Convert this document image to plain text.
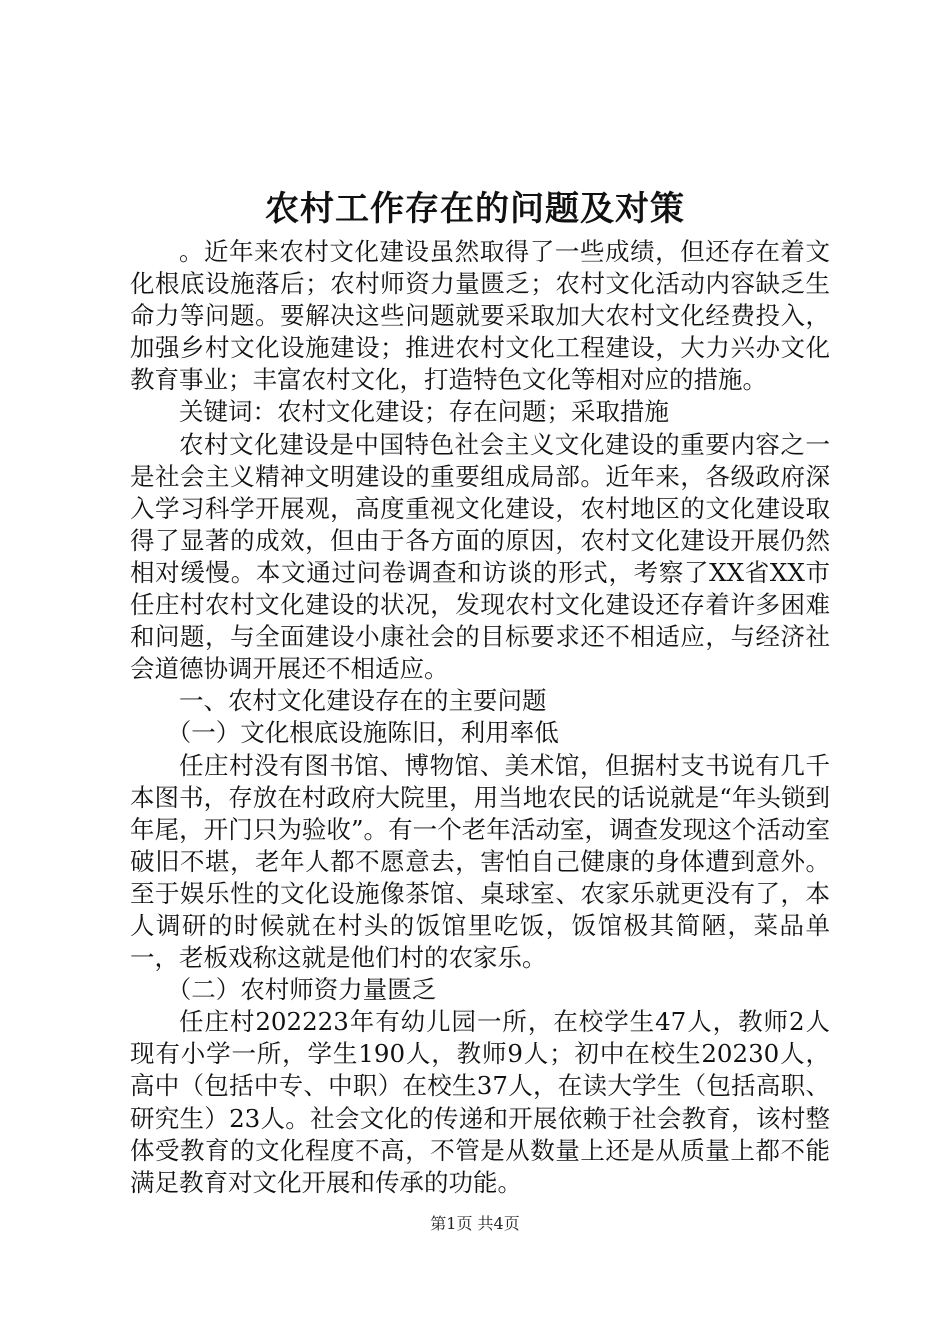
农村工作存在的问题及对策

。近年来农村文化建设虽然取得了一些成绩，但还存在着文化根底设施落后；农村师资力量匮乏；农村文化活动内容缺乏生命力等问题。要解决这些问题就要采取加大农村文化经费投入，加强乡村文化设施建设；推进农村文化工程建设，大力兴办文化教育事业；丰富农村文化，打造特色文化等相对应的措施。

关键词：农村文化建设；存在问题；采取措施

农村文化建设是中国特色社会主义文化建设的重要内容之一是社会主义精神文明建设的重要组成局部。近年来，各级政府深入学习科学开展观，高度重视文化建设，农村地区的文化建设取得了显著的成效，但由于各方面的原因，农村文化建设开展仍然相对缓慢。本文通过问卷调查和访谈的形式，考察了XX省XX市任庄村农村文化建设的状况，发现农村文化建设还存着许多困难和问题，与全面建设小康社会的目标要求还不相适应，与经济社会道德协调开展还不相适应。

一、农村文化建设存在的主要问题

（一）文化根底设施陈旧，利用率低

任庄村没有图书馆、博物馆、美术馆，但据村支书说有几千本图书，存放在村政府大院里，用当地农民的话说就是“年头锁到年尾，开门只为验收”。有一个老年活动室，调查发现这个活动室破旧不堪，老年人都不愿意去，害怕自己健康的身体遭到意外。至于娱乐性的文化设施像茶馆、桌球室、农家乐就更没有了，本人调研的时候就在村头的饭馆里吃饭，饭馆极其简陋，菜品单一，老板戏称这就是他们村的农家乐。

（二）农村师资力量匮乏

任庄村202223年有幼儿园一所，在校学生47人，教师2人现有小学一所，学生190人，教师9人；初中在校生20230人，高中（包括中专、中职）在校生37人，在读大学生（包括高职、研究生）23人。社会文化的传递和开展依赖于社会教育，该村整体受教育的文化程度不高，不管是从数量上还是从质量上都不能满足教育对文化开展和传承的功能。

第1页 共4页
